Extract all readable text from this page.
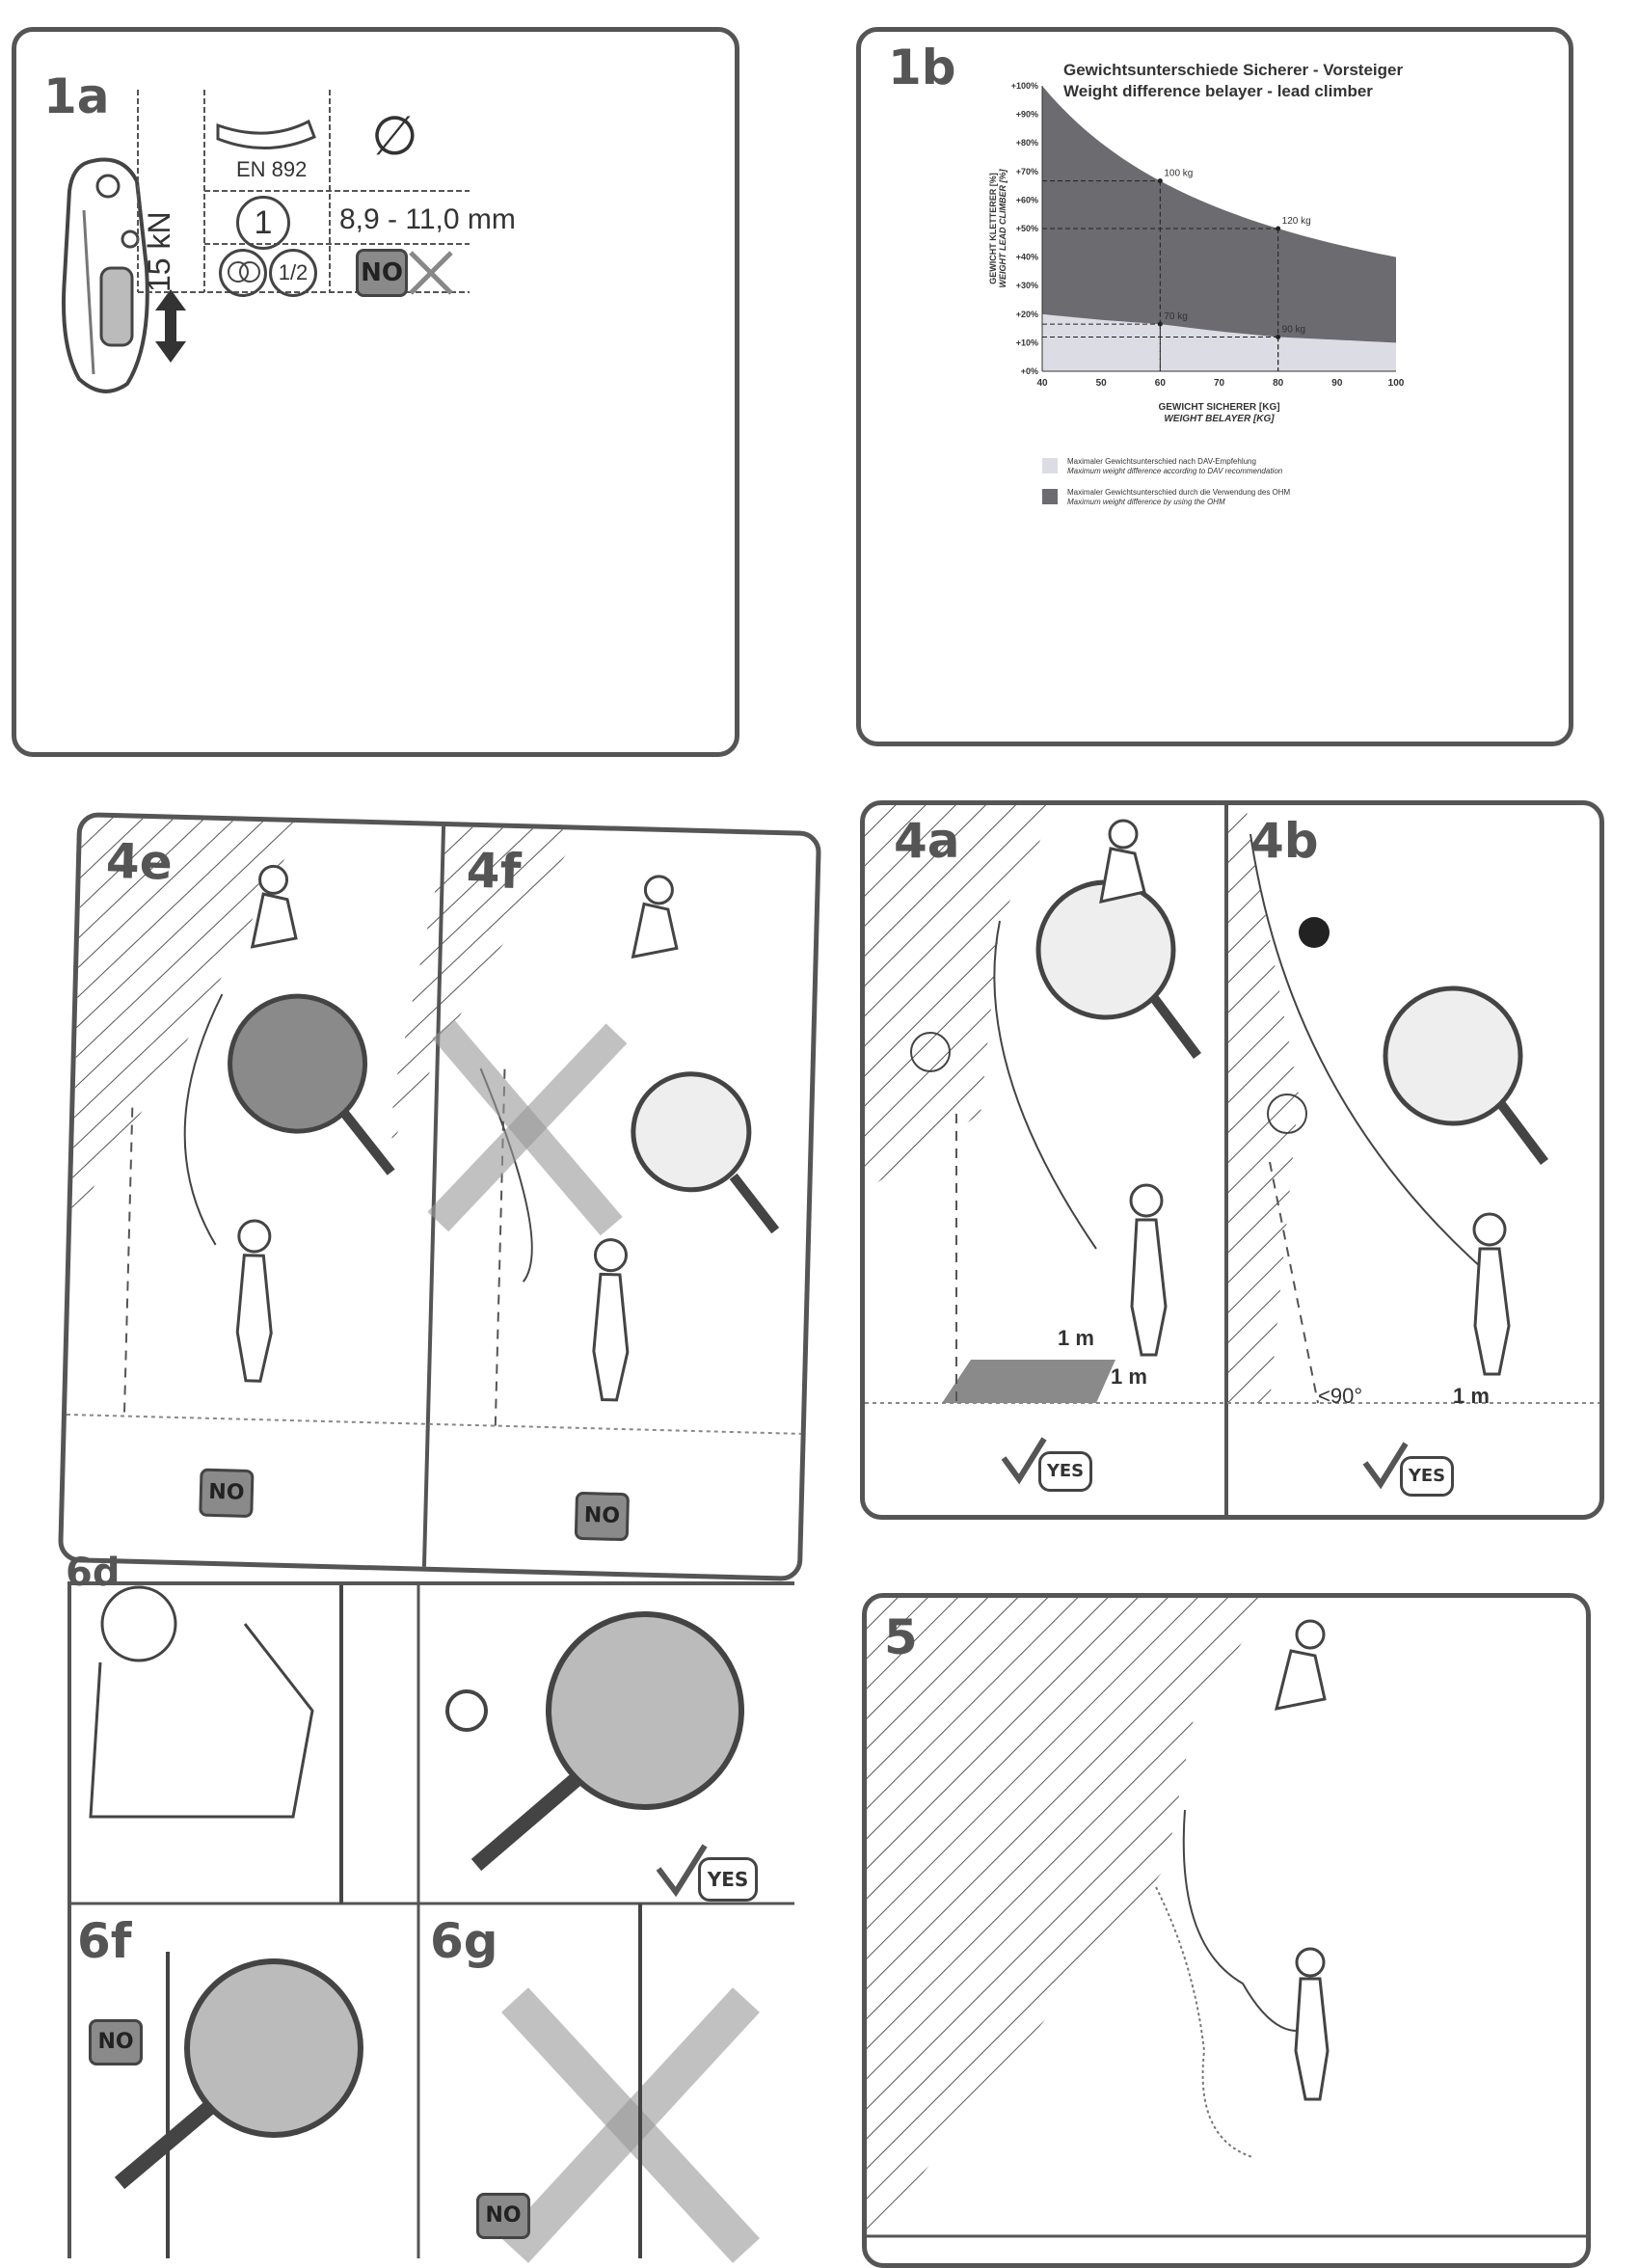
1a
15 kN
EN 892
∅
1	8,9 - 11,0 mm
1/2	NO
1b	Gewichtsunterschiede Sicherer - Vorsteiger
Weight difference belayer - lead climber
40	50	60	70	80	90	100
+0%
+10%
+20%
+30%
+40%
+50%
+60%
+70%
+80%
+90%
+100%
100 kg
120 kg
70 kg
90 kg
GEWICHT SICHERER [KG]
WEIGHT BELAYER [KG]
GEWICHT KLETTERER [%] WEIGHT LEAD CLIMBER [%]
Maximaler Gewichtsunterschied nach DAV-Empfehlung
Maximum weight difference according to DAV recommendation
Maximaler Gewichtsunterschied durch die Verwendung des OHM
Maximum weight difference by using the OHM
4e	4f
NO
NO
4a	4b
1 m
1 m
<90°	1 m
YES	YES
6d
6f	6g
YES
NO
NO
5
